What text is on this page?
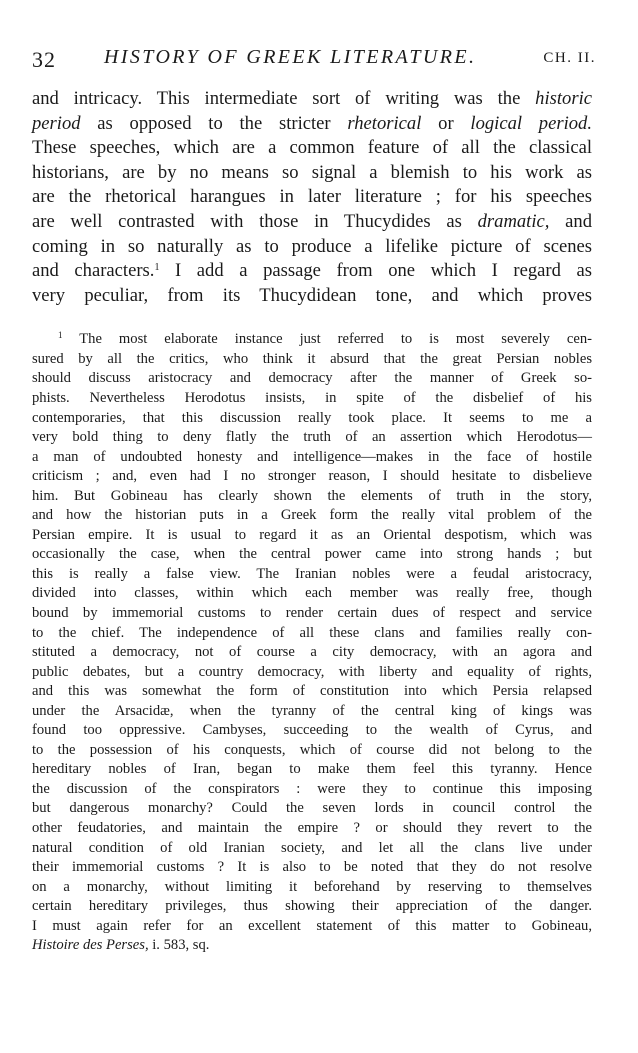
32 HISTORY OF GREEK LITERATURE.	CH. II.
and intricacy. This intermediate sort of writing was the historic
period as opposed to the stricter rhetorical or logical period.
These speeches, which are a common feature of all the classical
historians, are by no means so signal a blemish to his work as
are the rhetorical harangues in later literature ; for his speeches
are well contrasted with those in Thucydides as dramatic, and
coming in so naturally as to produce a lifelike picture of scenes
and characters.$^1$ I add a passage from one which I regard as
very peculiar, from its Thucydidean tone, and which proves
$^1$ The most elaborate instance just referred to is most severely cen-
sured by all the critics, who think it absurd that the great Persian nobles
should discuss aristocracy and democracy after the manner of Greek so-
phists. Nevertheless Herodotus insists, in spite of the disbelief of his
contemporaries, that this discussion really took place. It seems to me a
very bold thing to deny flatly the truth of an assertion which Herodotus—
a man of undoubted honesty and intelligence—makes in the face of hostile
criticism ; and, even had I no stronger reason, I should hesitate to disbelieve
him. But Gobineau has clearly shown the elements of truth in the story,
and how the historian puts in a Greek form the really vital problem of the
Persian empire. It is usual to regard it as an Oriental despotism, which was
occasionally the case, when the central power came into strong hands ; but
this is really a false view. The Iranian nobles were a feudal aristocracy,
divided into classes, within which each member was really free, though
bound by immemorial customs to render certain dues of respect and service
to the chief. The independence of all these clans and families really con-
stituted a democracy, not of course a city democracy, with an agora and
public debates, but a country democracy, with liberty and equality of rights,
and this was somewhat the form of constitution into which Persia relapsed
under the Arsacidæ, when the tyranny of the central king of kings was
found too oppressive. Cambyses, succeeding to the wealth of Cyrus, and
to the possession of his conquests, which of course did not belong to the
hereditary nobles of Iran, began to make them feel this tyranny. Hence
the discussion of the conspirators : were they to continue this imposing
but dangerous monarchy? Could the seven lords in council control the
other feudatories, and maintain the empire ? or should they revert to the
natural condition of old Iranian society, and let all the clans live under
their immemorial customs ? It is also to be noted that they do not resolve
on a monarchy, without limiting it beforehand by reserving to themselves
certain hereditary privileges, thus showing their appreciation of the danger.
I must again refer for an excellent statement of this matter to Gobineau,
Histoire des Perses, i. 583, sq.
